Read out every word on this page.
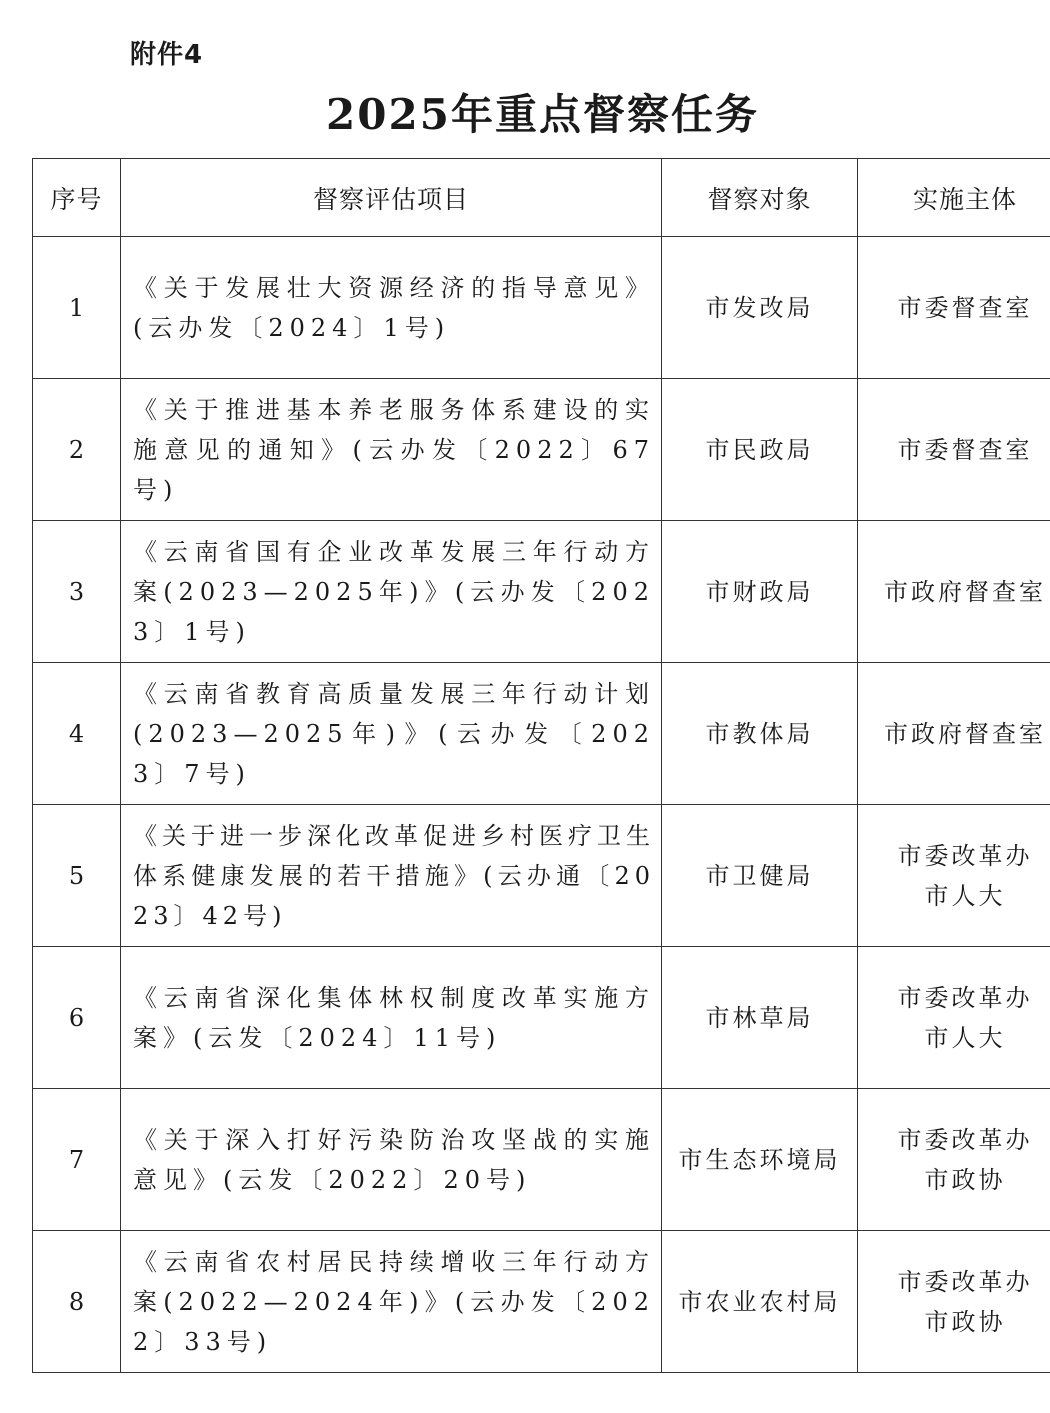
附件4
2025年重点督察任务
序号	督察评估项目	督察对象	实施主体
1	《关于发展壮大资源经济的指导意见》(云办发〔2024〕1号)	市发改局	市委督查室

2	《关于推进基本养老服务体系建设的实施意见的通知》(云办发〔2022〕67号)	市民政局	市委督查室

3	《云南省国有企业改革发展三年行动方案(2023—2025年)》(云办发〔2023〕1号)	市财政局	市政府督查室

4	《云南省教育高质量发展三年行动计划(2023—2025年)》(云办发〔2023〕7号)	市教体局	市政府督查室

5	《关于进一步深化改革促进乡村医疗卫生体系健康发展的若干措施》(云办通〔2023〕42号)	市卫健局	市委改革办
市人大

6	《云南省深化集体林权制度改革实施方案》(云发〔2024〕11号)	市林草局	市委改革办
市人大

7	《关于深入打好污染防治攻坚战的实施意见》(云发〔2022〕20号)	市生态环境局	市委改革办
市政协

8	《云南省农村居民持续增收三年行动方案(2022—2024年)》(云办发〔2022〕33号)	市农业农村局	市委改革办
市政协
